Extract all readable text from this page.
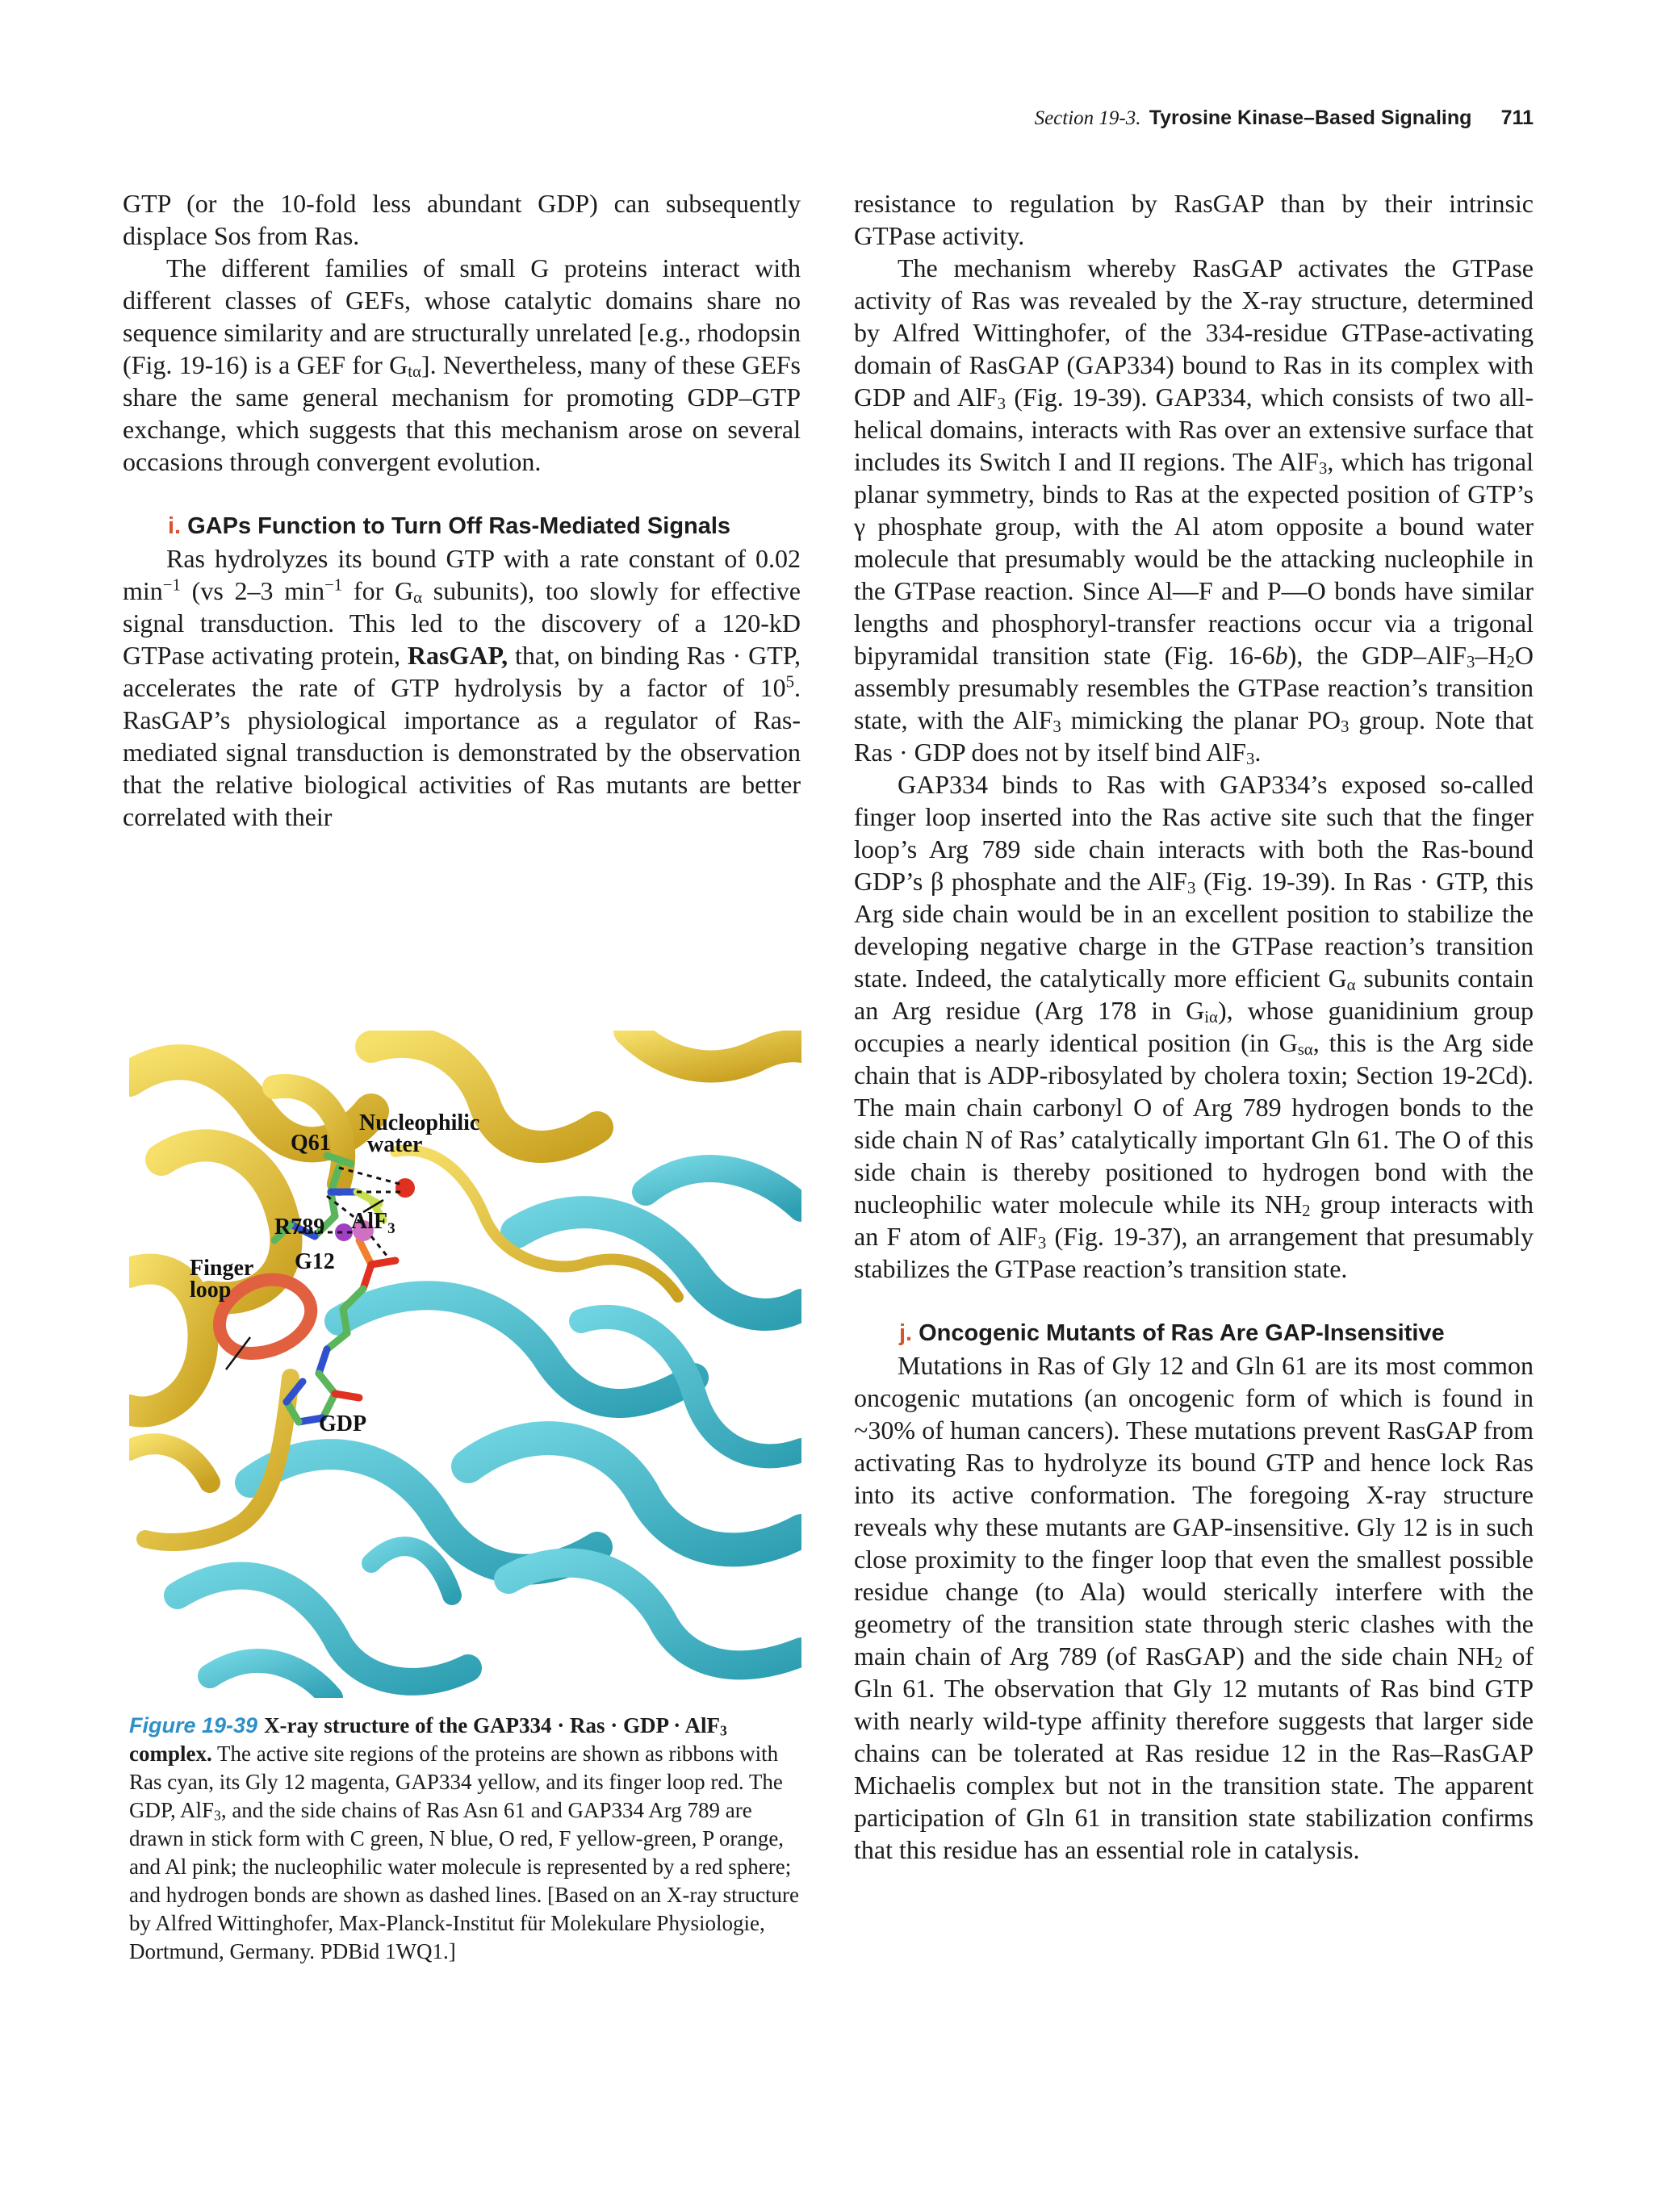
Section 19-3. Tyrosine Kinase–Based Signaling 711

GTP (or the 10-fold less abundant GDP) can subsequently displace Sos from Ras.

The different families of small G proteins interact with different classes of GEFs, whose catalytic domains share no sequence similarity and are structurally unrelated [e.g., rhodopsin (Fig. 19-16) is a GEF for $G_{t\alpha}$]. Nevertheless, many of these GEFs share the same general mechanism for promoting GDP–GTP exchange, which suggests that this mechanism arose on several occasions through convergent evolution.

i. GAPs Function to Turn Off Ras-Mediated Signals

Ras hydrolyzes its bound GTP with a rate constant of 0.02 $\min^{-1} (vs$ 2–3 $\min^{-1}$ for $G_\alpha$ subunits), too slowly for effective signal transduction. This led to the discovery of a 120-kD GTPase activating protein, RasGAP, that, on binding Ras · GTP, accelerates the rate of GTP hydrolysis by a factor of $10^5$. RasGAP’s physiological importance as a regulator of Ras-mediated signal transduction is demonstrated by the observation that the relative biological activities of Ras mutants are better correlated with their

Q61
Nucleophilic
water
R789 AlF$_3$
G12
Finger
loop
GDP
Figure 19-39 X-ray structure of the GAP334 · Ras · GDP · AlF$_3$ complex. The active site regions of the proteins are shown as ribbons with Ras cyan, its Gly 12 magenta, GAP334 yellow, and its finger loop red. The GDP, AlF$_3$, and the side chains of Ras Asn 61 and GAP334 Arg 789 are drawn in stick form with C green, N blue, O red, F yellow-green, P orange, and Al pink; the nucleophilic water molecule is represented by a red sphere; and hydrogen bonds are shown as dashed lines. [Based on an X-ray structure by Alfred Wittinghofer, Max-Planck-Institut für Molekulare Physiologie, Dortmund, Germany. PDBid 1WQ1.]

resistance to regulation by RasGAP than by their intrinsic GTPase activity.

The mechanism whereby RasGAP activates the GTPase activity of Ras was revealed by the X-ray structure, determined by Alfred Wittinghofer, of the 334-residue GTPase-activating domain of RasGAP (GAP334) bound to Ras in its complex with GDP and AlF$_3$ (Fig. 19-39). GAP334, which consists of two all-helical domains, interacts with Ras over an extensive surface that includes its Switch I and II regions. The AlF$_3$, which has trigonal planar symmetry, binds to Ras at the expected position of GTP’s γ phosphate group, with the Al atom opposite a bound water molecule that presumably would be the attacking nucleophile in the GTPase reaction. Since Al—F and P—O bonds have similar lengths and phosphoryl-transfer reactions occur via a trigonal bipyramidal transition state (Fig. 16-6b), the GDP–$AlF_3-H_2O$ assembly presumably resembles the GTPase reaction’s transition state, with the AlF$_3$ mimicking the planar $PO_3$ group. Note that Ras · GDP does not by itself bind AlF$_3$.

GAP334 binds to Ras with GAP334’s exposed so-called finger loop inserted into the Ras active site such that the finger loop’s Arg 789 side chain interacts with both the Ras-bound GDP’s β phosphate and the AlF$_3$ (Fig. 19-39). In Ras · GTP, this Arg side chain would be in an excellent position to stabilize the developing negative charge in the GTPase reaction’s transition state. Indeed, the catalytically more efficient $G_\alpha$ subunits contain an Arg residue (Arg 178 in $G_{i\alpha}$), whose guanidinium group occupies a nearly identical position (in $G_{s\alpha}$, this is the Arg side chain that is ADP-ribosylated by cholera toxin; Section 19-2Cd). The main chain carbonyl O of Arg 789 hydrogen bonds to the side chain N of Ras’ catalytically important Gln 61. The O of this side chain is thereby positioned to hydrogen bond with the nucleophilic water molecule while its $NH_2$ group interacts with an F atom of AlF$_3$ (Fig. 19-37), an arrangement that presumably stabilizes the GTPase reaction’s transition state.

j. Oncogenic Mutants of Ras Are GAP-Insensitive

Mutations in Ras of Gly 12 and Gln 61 are its most common oncogenic mutations (an oncogenic form of which is found in ~30% of human cancers). These mutations prevent RasGAP from activating Ras to hydrolyze its bound GTP and hence lock Ras into its active conformation. The foregoing X-ray structure reveals why these mutants are GAP-insensitive. Gly 12 is in such close proximity to the finger loop that even the smallest possible residue change (to Ala) would sterically interfere with the geometry of the transition state through steric clashes with the main chain of Arg 789 (of RasGAP) and the side chain $NH_2$ of Gln 61. The observation that Gly 12 mutants of Ras bind GTP with nearly wild-type affinity therefore suggests that larger side chains can be tolerated at Ras residue 12 in the Ras–RasGAP Michaelis complex but not in the transition state. The apparent participation of Gln 61 in transition state stabilization confirms that this residue has an essential role in catalysis.
